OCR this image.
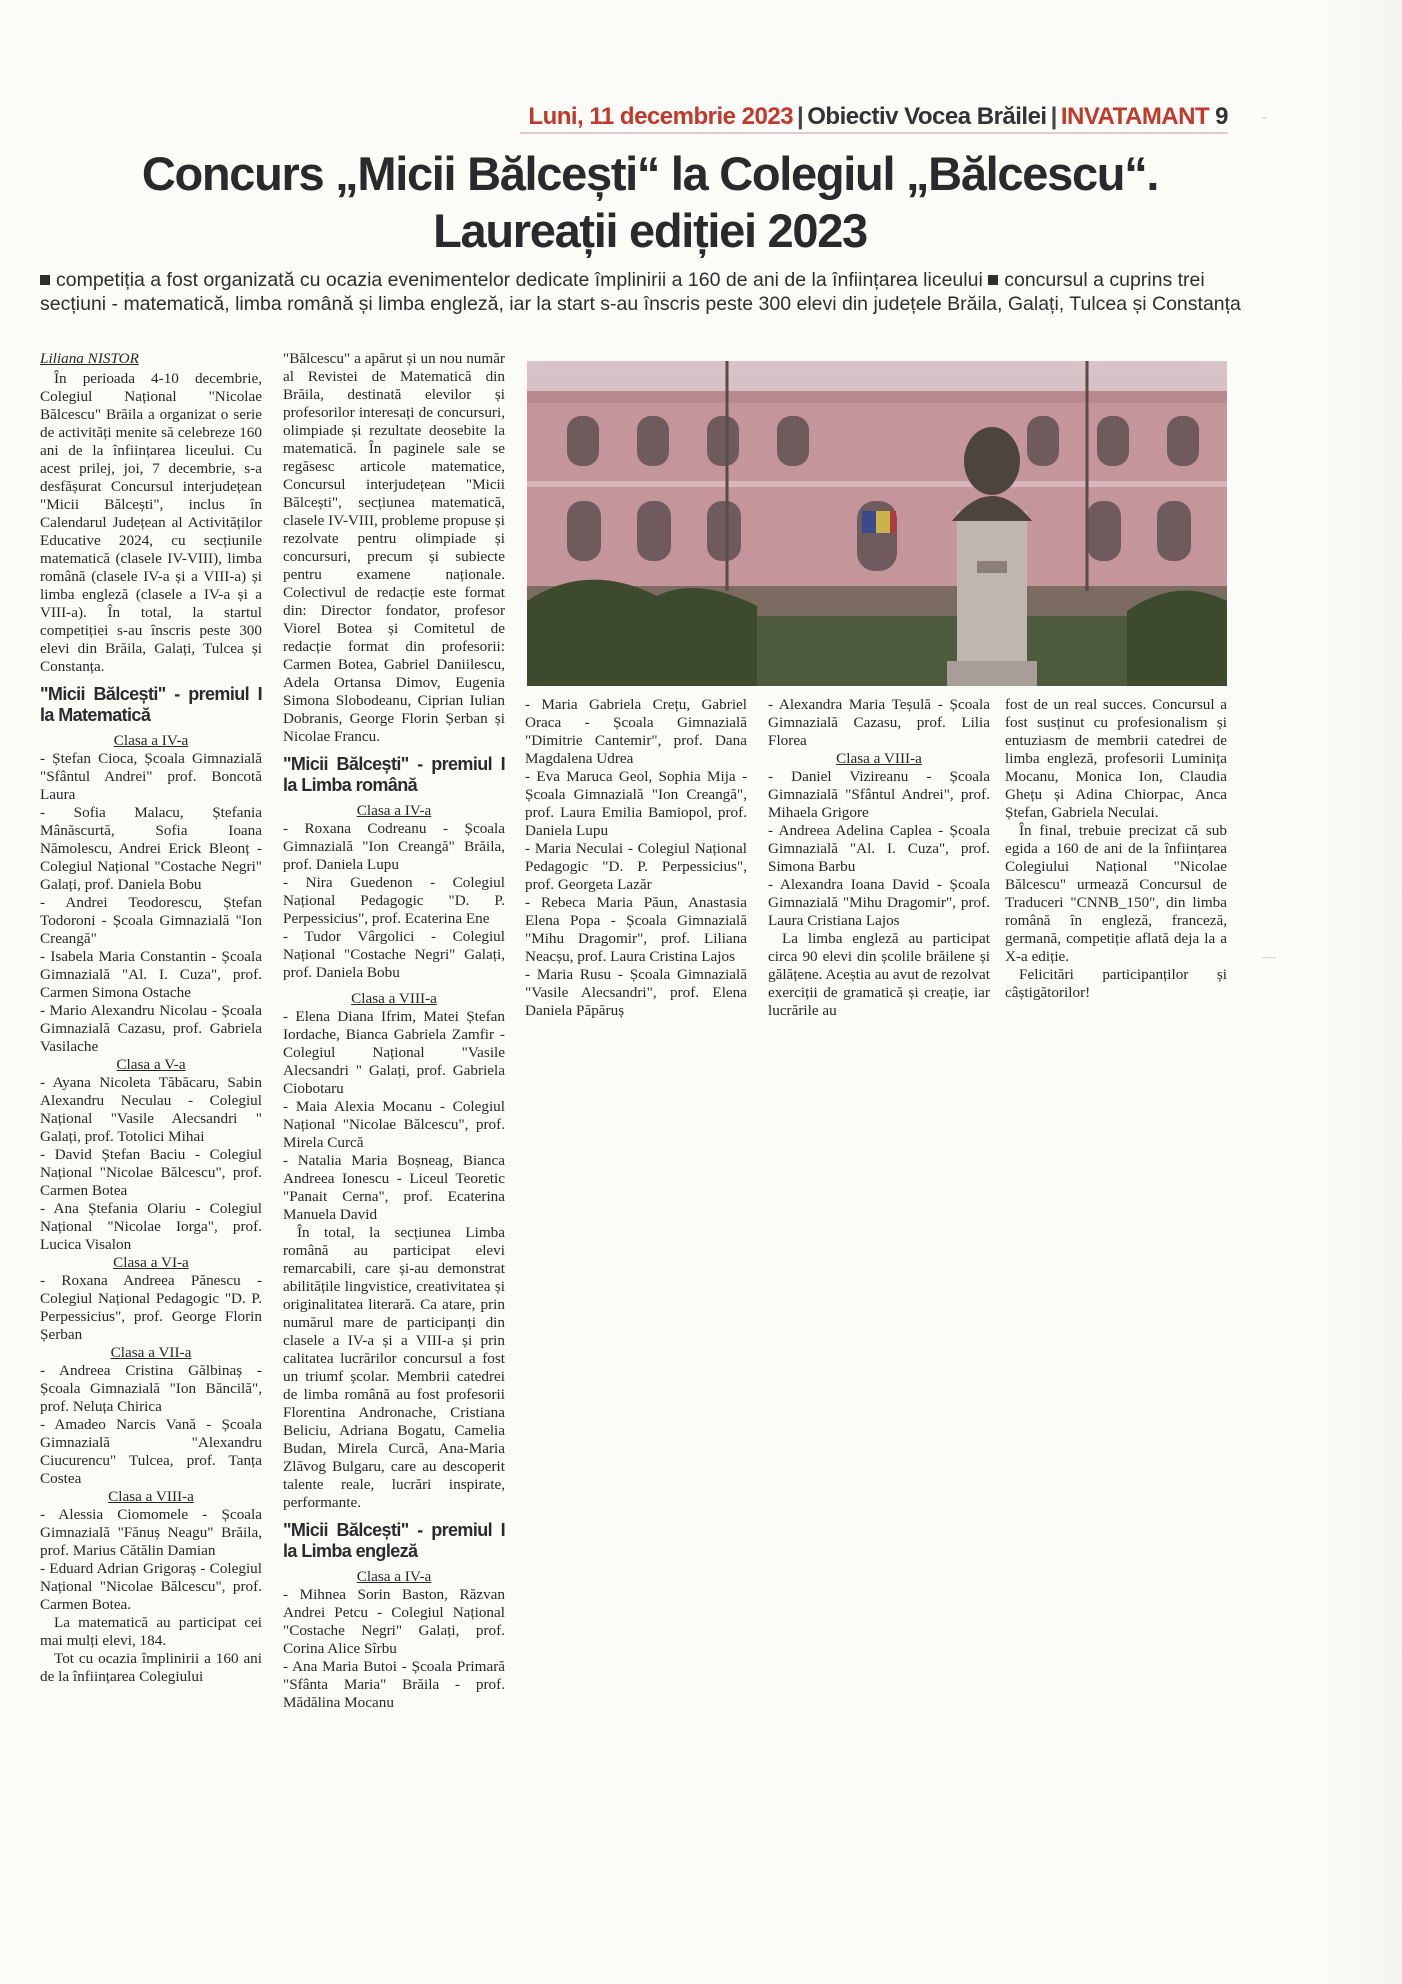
Luni, 11 decembrie 2023 | Obiectiv Vocea Brăilei | INVATAMANT 9
Concurs „Micii Bălcești“ la Colegiul „Bălcescu“.
Laureații ediției 2023
competiția a fost organizată cu ocazia evenimentelor dedicate împlinirii a 160 de ani de la înființarea liceului concursul a cuprins trei secțiuni - matematică, limba română și limba engleză, iar la start s-au înscris peste 300 elevi din județele Brăila, Galați, Tulcea și Constanța

Liliana NISTOR

În perioada 4-10 decembrie, Colegiul Național "Nicolae Bălcescu" Brăila a organizat o serie de activități menite să celebreze 160 ani de la înființarea liceului. Cu acest prilej, joi, 7 decembrie, s-a desfășurat Concursul interjudețean "Micii Bălcești", inclus în Calendarul Județean al Activităților Educative 2024, cu secțiunile matematică (clasele IV-VIII), limba română (clasele IV-a și a VIII-a) și limba engleză (clasele a IV-a și a VIII-a). În total, la startul competiției s-au înscris peste 300 elevi din Brăila, Galați, Tulcea și Constanța.

"Micii Bălcești" - premiul I la Matematică

Clasa a IV-a

- Ștefan Cioca, Școala Gimnazială "Sfântul Andrei" prof. Boncotă Laura

- Sofia Malacu, Ștefania Mânăscurtă, Sofia Ioana Nămolescu, Andrei Erick Bleonț - Colegiul Național "Costache Negri" Galați, prof. Daniela Bobu

- Andrei Teodorescu, Ștefan Todoroni - Școala Gimnazială "Ion Creangă"

- Isabela Maria Constantin - Școala Gimnazială "Al. I. Cuza", prof. Carmen Simona Ostache

- Mario Alexandru Nicolau - Școala Gimnazială Cazasu, prof. Gabriela Vasilache

Clasa a V-a

- Ayana Nicoleta Tăbăcaru, Sabin Alexandru Neculau - Colegiul Național "Vasile Alecsandri " Galați, prof. Totolici Mihai

- David Ștefan Baciu - Colegiul Național "Nicolae Bălcescu", prof. Carmen Botea

- Ana Ștefania Olariu - Colegiul Național "Nicolae Iorga", prof. Lucica Visalon

Clasa a VI-a

- Roxana Andreea Pănescu - Colegiul Național Pedagogic "D. P. Perpessicius", prof. George Florin Șerban

Clasa a VII-a

- Andreea Cristina Gălbinaș - Școala Gimnazială "Ion Băncilă", prof. Neluța Chirica

- Amadeo Narcis Vană - Școala Gimnazială "Alexandru Ciucurencu" Tulcea, prof. Tanța Costea

Clasa a VIII-a

- Alessia Ciomomele - Școala Gimnazială "Fănuș Neagu" Brăila, prof. Marius Cătălin Damian

- Eduard Adrian Grigoraș - Colegiul Național "Nicolae Bălcescu", prof. Carmen Botea.

La matematică au participat cei mai mulți elevi, 184.

Tot cu ocazia împlinirii a 160 ani de la înființarea Colegiului

"Bălcescu" a apărut și un nou număr al Revistei de Matematică din Brăila, destinată elevilor și profesorilor interesați de concursuri, olimpiade și rezultate deosebite la matematică. În paginele sale se regăsesc articole matematice, Concursul interjudețean "Micii Bălcești", secțiunea matematică, clasele IV-VIII, probleme propuse și rezolvate pentru olimpiade și concursuri, precum și subiecte pentru examene naționale. Colectivul de redacție este format din: Director fondator, profesor Viorel Botea și Comitetul de redacție format din profesorii: Carmen Botea, Gabriel Daniilescu, Adela Ortansa Dimov, Eugenia Simona Slobodeanu, Ciprian Iulian Dobranis, George Florin Șerban și Nicolae Francu.

"Micii Bălcești" - premiul I la Limba română

Clasa a IV-a

- Roxana Codreanu - Școala Gimnazială "Ion Creangă" Brăila, prof. Daniela Lupu

- Nira Guedenon - Colegiul Național Pedagogic "D. P. Perpessicius", prof. Ecaterina Ene

- Tudor Vârgolici - Colegiul Național "Costache Negri" Galați, prof. Daniela Bobu

Clasa a VIII-a

- Elena Diana Ifrim, Matei Ștefan Iordache, Bianca Gabriela Zamfir - Colegiul Național "Vasile Alecsandri " Galați, prof. Gabriela Ciobotaru

- Maia Alexia Mocanu - Colegiul Național "Nicolae Bălcescu", prof. Mirela Curcă

- Natalia Maria Boșneag, Bianca Andreea Ionescu - Liceul Teoretic "Panait Cerna", prof. Ecaterina Manuela David

În total, la secțiunea Limba română au participat elevi remarcabili, care și-au demonstrat abilitățile lingvistice, creativitatea și originalitatea literară. Ca atare, prin numărul mare de participanți din clasele a IV-a și a VIII-a și prin calitatea lucrărilor concursul a fost un triumf școlar. Membrii catedrei de limba română au fost profesorii Florentina Andronache, Cristiana Beliciu, Adriana Bogatu, Camelia Budan, Mirela Curcă, Ana-Maria Zlăvog Bulgaru, care au descoperit talente reale, lucrări inspirate, performante.

"Micii Bălcești" - premiul I la Limba engleză

Clasa a IV-a

- Mihnea Sorin Baston, Răzvan Andrei Petcu - Colegiul Național "Costache Negri" Galați, prof. Corina Alice Sîrbu

- Ana Maria Butoi - Școala Primară "Sfânta Maria" Brăila - prof. Mădălina Mocanu

- Maria Gabriela Crețu, Gabriel Oraca - Școala Gimnazială "Dimitrie Cantemir", prof. Dana Magdalena Udrea

- Eva Maruca Geol, Sophia Mija - Școala Gimnazială "Ion Creangă", prof. Laura Emilia Bamiopol, prof. Daniela Lupu

- Maria Neculai - Colegiul Național Pedagogic "D. P. Perpessicius", prof. Georgeta Lazăr

- Rebeca Maria Păun, Anastasia Elena Popa - Școala Gimnazială "Mihu Dragomir", prof. Liliana Neacșu, prof. Laura Cristina Lajos

- Maria Rusu - Școala Gimnazială "Vasile Alecsandri", prof. Elena Daniela Păpăruș

- Alexandra Maria Teșulă - Școala Gimnazială Cazasu, prof. Lilia Florea

Clasa a VIII-a

- Daniel Vizireanu - Școala Gimnazială "Sfântul Andrei", prof. Mihaela Grigore

- Andreea Adelina Caplea - Școala Gimnazială "Al. I. Cuza", prof. Simona Barbu

- Alexandra Ioana David - Școala Gimnazială "Mihu Dragomir", prof. Laura Cristiana Lajos

La limba engleză au participat circa 90 elevi din școlile brăilene și gălățene. Aceștia au avut de rezolvat exerciții de gramatică și creație, iar lucrările au

fost de un real succes. Concursul a fost susținut cu profesionalism și entuziasm de membrii catedrei de limba engleză, profesorii Luminița Mocanu, Monica Ion, Claudia Ghețu și Adina Chiorpac, Anca Ștefan, Gabriela Neculai.

În final, trebuie precizat că sub egida a 160 de ani de la înființarea Colegiului Național "Nicolae Bălcescu" urmează Concursul de Traduceri "CNNB_150", din limba română în engleză, franceză, germană, competiție aflată deja la a X-a ediție.

Felicitări participanților și câștigătorilor!

-
—
